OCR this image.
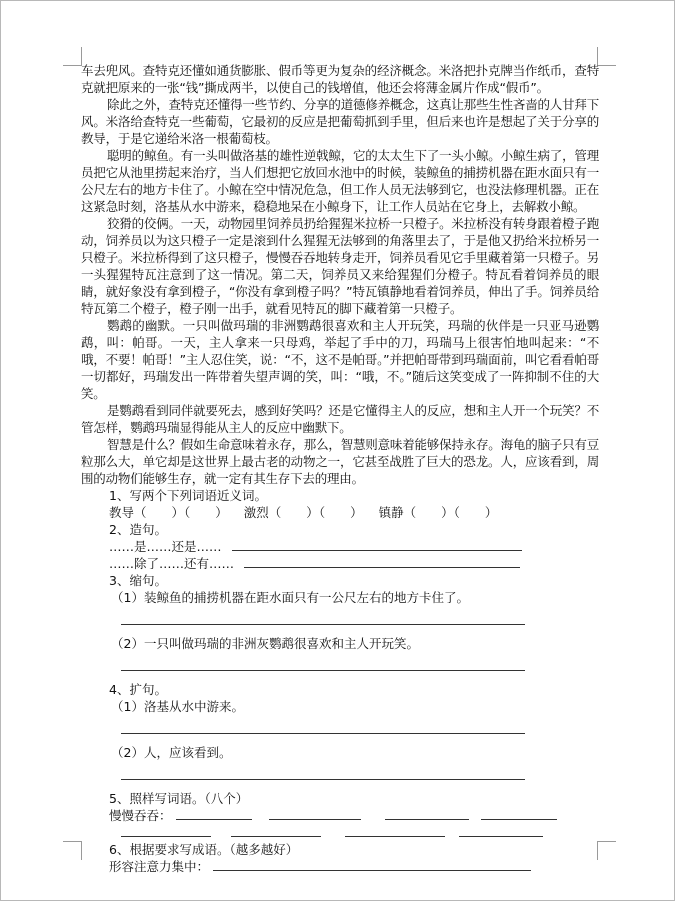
车去兜风。查特克还懂如通货膨胀、假币等更为复杂的经济概念。米洛把扑克牌当作纸币，查特克就把原来的一张“钱”撕成两半，以使自己的钱增值，他还会将薄金属片作成“假币”。

除此之外，查特克还懂得一些节约、分享的道德修养概念，这真让那些生性吝啬的人甘拜下风。米洛给查特克一些葡萄，它最初的反应是把葡萄抓到手里，但后来也许是想起了关于分享的教导，于是它递给米洛一根葡萄枝。

聪明的鲸鱼。有一头叫做洛基的雄性逆戟鲸，它的太太生下了一头小鲸。小鲸生病了，管理员把它从池里捞起来治疗，当人们想把它放回水池中的时候，装鲸鱼的捕捞机器在距水面只有一公尺左右的地方卡住了。小鲸在空中情况危急，但工作人员无法够到它，也没法修理机器。正在这紧急时刻，洛基从水中游来，稳稳地呆在小鲸身下，让工作人员站在它身上，去解救小鲸。

狡猾的佼俩。一天，动物园里饲养员扔给猩猩米拉桥一只橙子。米拉桥没有转身跟着橙子跑动，饲养员以为这只橙子一定是滚到什么猩猩无法够到的角落里去了，于是他又扔给米拉桥另一只橙子。米拉桥得到了这只橙子，慢慢吞吞地转身走开，饲养员看见它手里藏着第一只橙子。另一头猩猩特瓦注意到了这一情况。第二天，饲养员又来给猩猩们分橙子。特瓦看着饲养员的眼睛，就好象没有拿到橙子，“你没有拿到橙子吗？”特瓦镇静地看着饲养员，伸出了手。饲养员给特瓦第二个橙子，橙子刚一出手，就看见特瓦的脚下藏着第一只橙子。

鹦鹉的幽默。一只叫做玛瑞的非洲鹦鹉很喜欢和主人开玩笑，玛瑞的伙伴是一只亚马逊鹦鹉，叫：帕哥。一天，主人拿来一只母鸡，举起了手中的刀，玛瑞马上很害怕地叫起来：“不哦，不要！帕哥！”主人忍住笑，说：“不，这不是帕哥。”并把帕哥带到玛瑞面前，叫它看看帕哥一切都好，玛瑞发出一阵带着失望声调的笑，叫：“哦，不。”随后这笑变成了一阵抑制不住的大笑。

是鹦鹉看到同伴就要死去，感到好笑吗？还是它懂得主人的反应，想和主人开一个玩笑？不管怎样，鹦鹉玛瑞显得能从主人的反应中幽默下。

智慧是什么？假如生命意味着永存，那么，智慧则意味着能够保持永存。海龟的脑子只有豆粒那么大，单它却是这世界上最古老的动物之一，它甚至战胜了巨大的恐龙。人，应该看到，周围的动物们能够生存，就一定有其生存下去的理由。

1、写两个下列词语近义词。

教导（　　）（　　） 激烈（　　）（　　） 镇静（　　）（　　）

2、造句。

……是……还是……

……除了……还有……

3、缩句。

（1）装鲸鱼的捕捞机器在距水面只有一公尺左右的地方卡住了。

（2）一只叫做玛瑞的非洲灰鹦鹉很喜欢和主人开玩笑。

4、扩句。

（1）洛基从水中游来。

（2）人，应该看到。

5、照样写词语。（八个）

慢慢吞吞：

6、根据要求写成语。（越多越好）

形容注意力集中：
